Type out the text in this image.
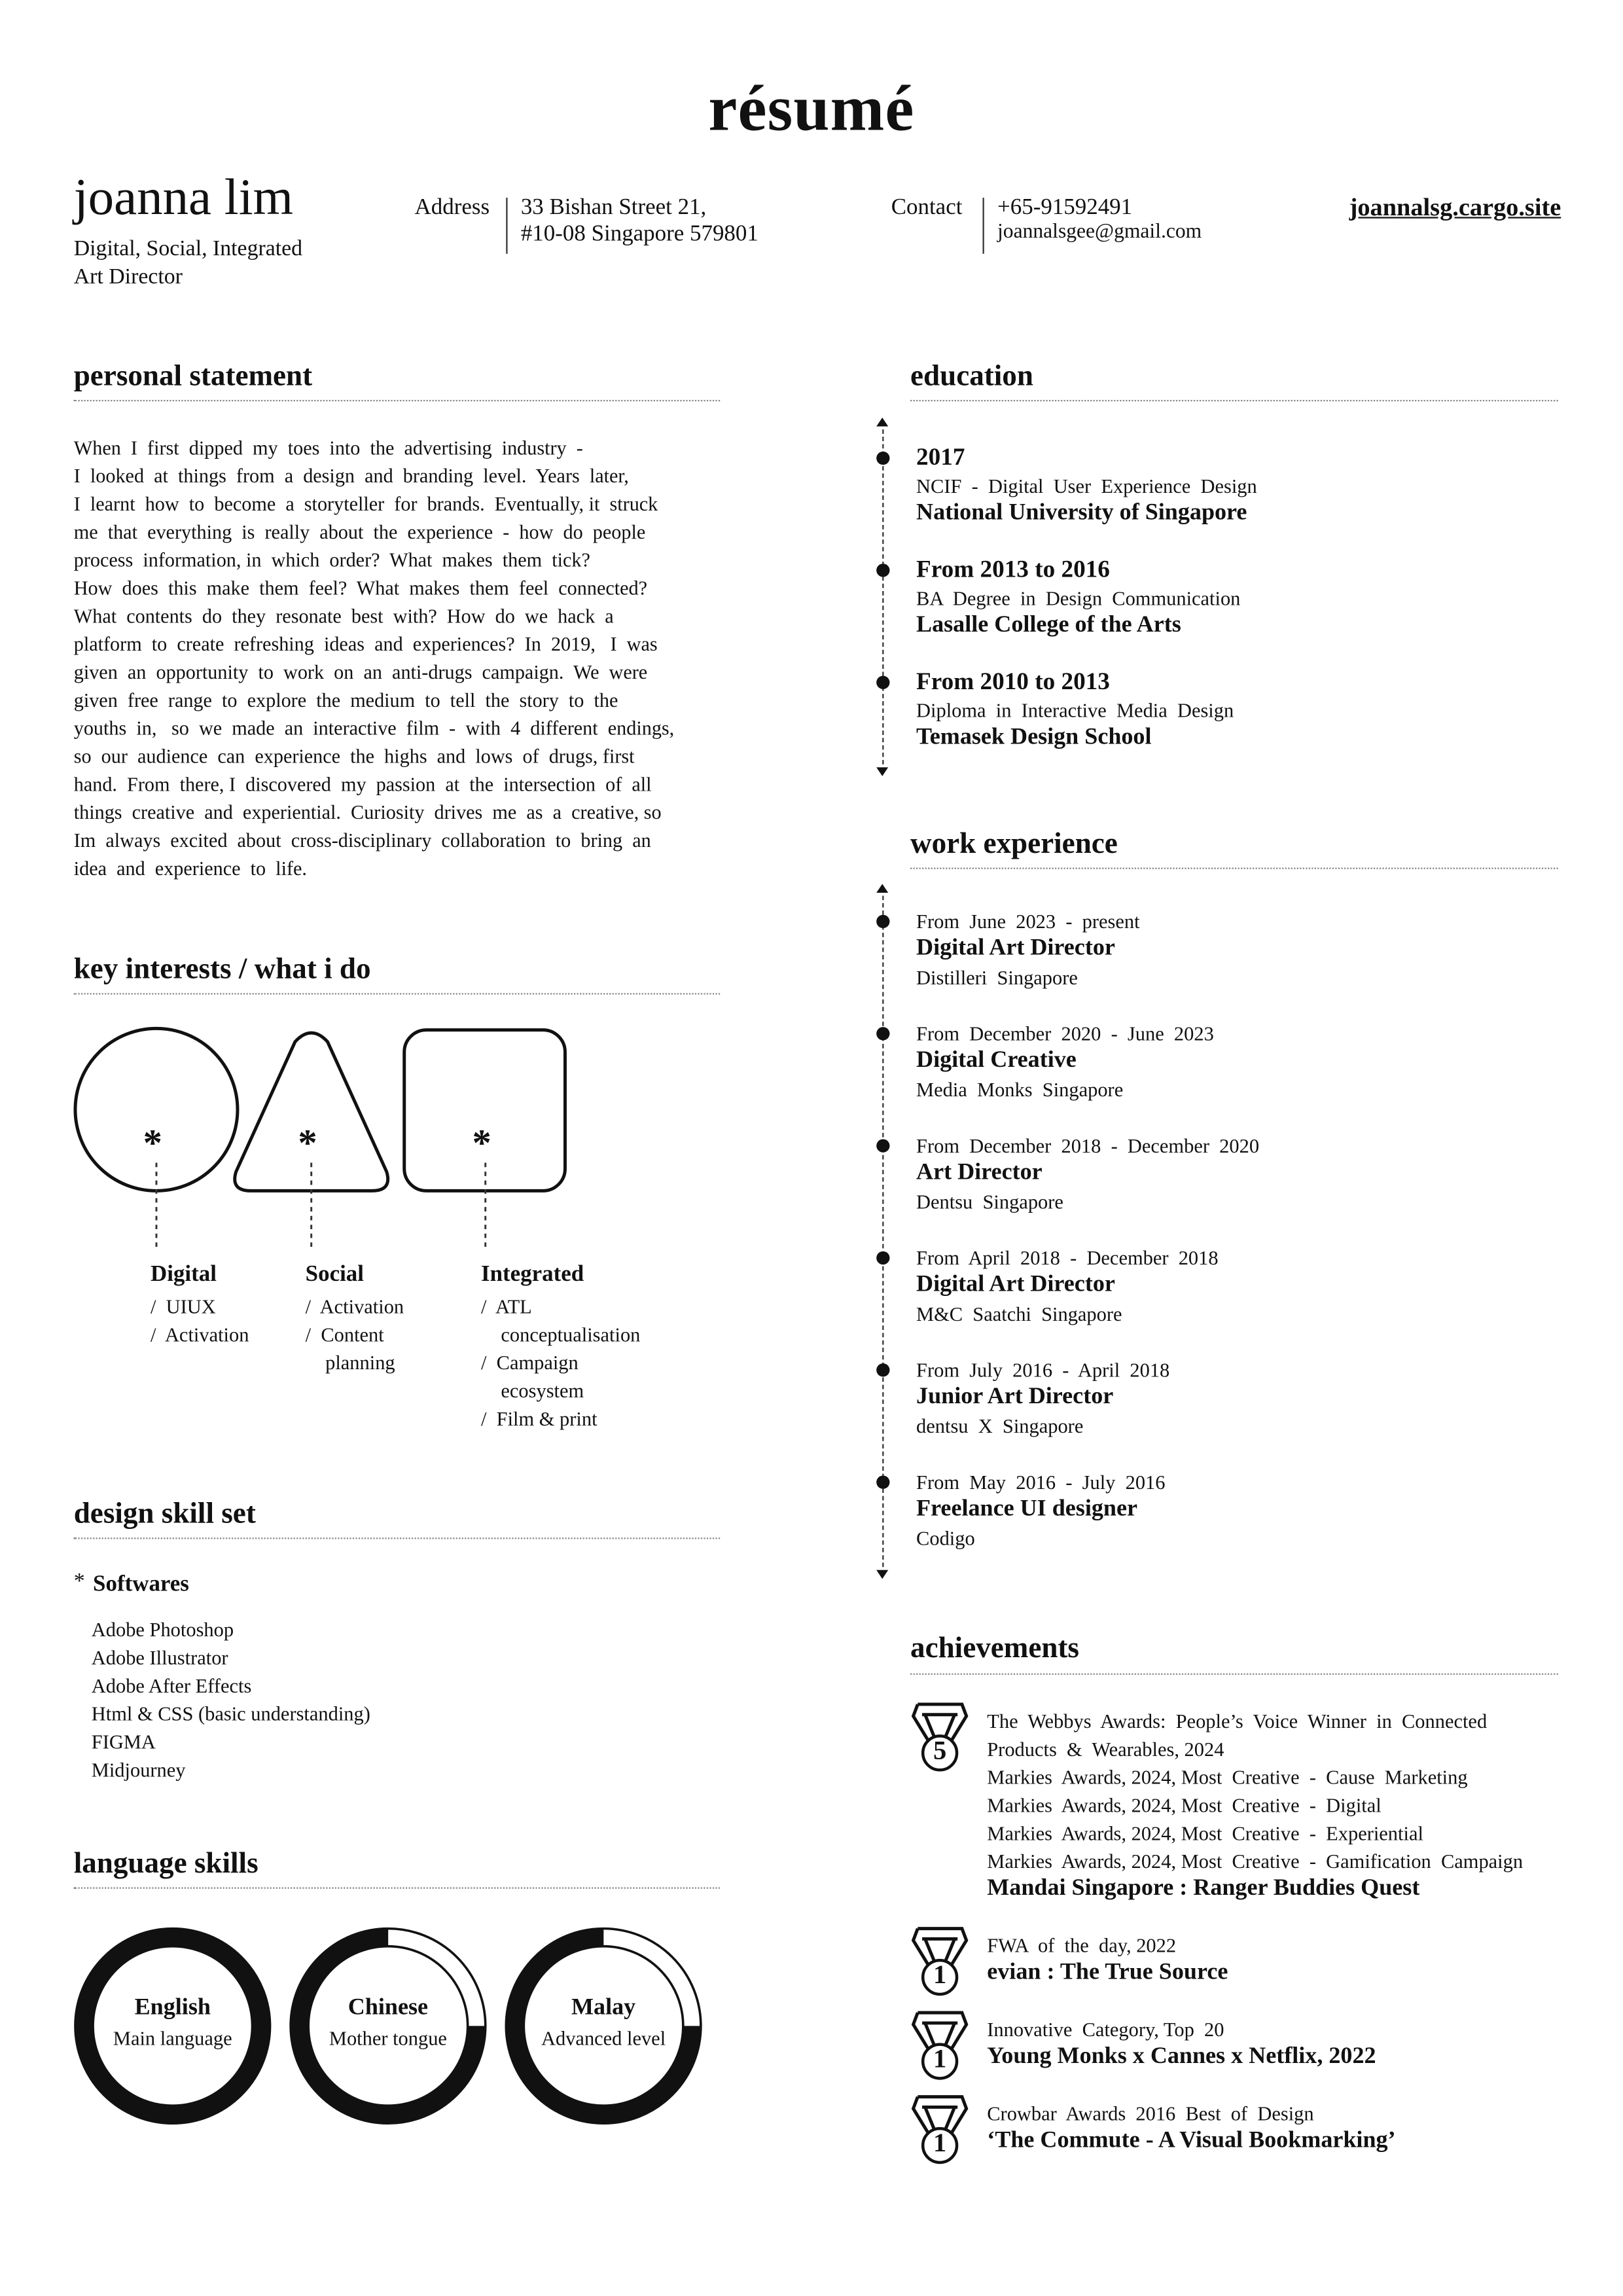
résumé
joanna lim
Digital, Social, Integrated
Art Director
Address	33 Bishan Street 21,
#10-08 Singapore 579801
Contact	+65-91592491
joannalsgee@gmail.com
joannalsg.cargo.site
personal statement
When  I  first  dipped  my  toes  into  the  advertising  industry  -
I  looked  at  things  from  a  design  and  branding  level.  Years  later,
I  learnt  how  to  become  a  storyteller  for  brands.  Eventually, it  struck
me  that  everything  is  really  about  the  experience  -  how  do  people
process  information, in  which  order?  What  makes  them  tick?
How  does  this  make  them  feel?  What  makes  them  feel  connected?
What  contents  do  they  resonate  best  with?  How  do  we  hack  a
platform  to  create  refreshing  ideas  and  experiences?  In  2019,   I  was
given  an  opportunity  to  work  on  an  anti-drugs  campaign.  We  were
given  free  range  to  explore  the  medium  to  tell  the  story  to  the
youths  in,   so  we  made  an  interactive  film  -  with  4  different  endings,
so  our  audience  can  experience  the  highs  and  lows  of  drugs, first
hand.  From  there, I  discovered  my  passion  at  the  intersection  of  all
things  creative  and  experiential.  Curiosity  drives  me  as  a  creative, so
Im  always  excited  about  cross-disciplinary  collaboration  to  bring  an
idea  and  experience  to  life.
key interests / what i do
*	*	*
Digital
/  UIUX
/  Activation
Social
/  Activation
/  Content
planning
Integrated
/  ATL
conceptualisation
/  Campaign
ecosystem
/  Film & print
design skill set
* Softwares
Adobe Photoshop
Adobe Illustrator
Adobe After Effects
Html & CSS (basic understanding)
FIGMA
Midjourney
language skills
English
Main language
Chinese
Mother tongue
Malay
Advanced level
education
2017
NCIF  -  Digital  User  Experience  Design
National University of Singapore
From 2013 to 2016
BA  Degree  in  Design  Communication
Lasalle College of the Arts
From 2010 to 2013
Diploma  in  Interactive  Media  Design
Temasek Design School
work experience
From  June  2023  -  present
Digital Art Director
Distilleri  Singapore
From  December  2020  -  June  2023
Digital Creative
Media  Monks  Singapore
From  December  2018  -  December  2020
Art Director
Dentsu  Singapore
From  April  2018  -  December  2018
Digital Art Director
M&C  Saatchi  Singapore
From  July  2016  -  April  2018
Junior Art Director
dentsu  X  Singapore
From  May  2016  -  July  2016
Freelance UI designer
Codigo
achievements
5
The  Webbys  Awards:  People’s  Voice  Winner  in  Connected
Products  &  Wearables, 2024
Markies  Awards, 2024, Most  Creative  -  Cause  Marketing
Markies  Awards, 2024, Most  Creative  -  Digital
Markies  Awards, 2024, Most  Creative  -  Experiential
Markies  Awards, 2024, Most  Creative  -  Gamification  Campaign
Mandai Singapore : Ranger Buddies Quest
1
FWA  of  the  day, 2022
evian : The True Source
1
Innovative  Category, Top  20
Young Monks x Cannes x Netflix, 2022
1
Crowbar  Awards  2016  Best  of  Design
‘The Commute - A Visual Bookmarking’
